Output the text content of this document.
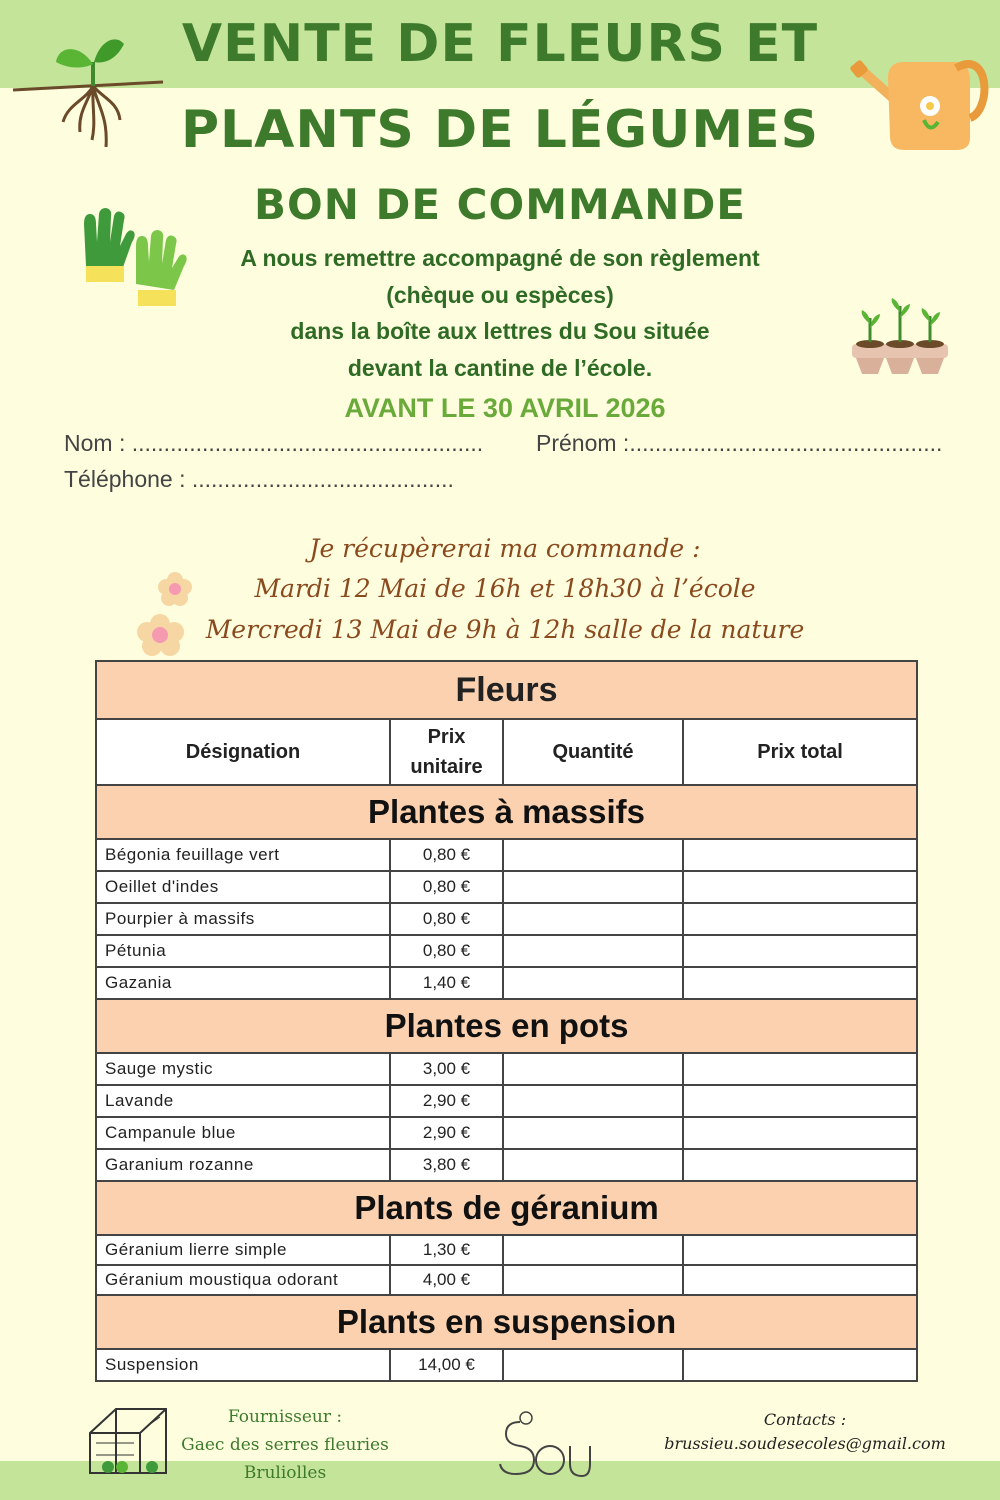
VENTE DE FLEURS ET
PLANTS DE LÉGUMES
BON DE COMMANDE

A nous remettre accompagné de son règlement

(chèque ou espèces)

dans la boîte aux lettres du Sou située

devant la cantine de l’école.

AVANT LE 30 AVRIL 2026

Nom : ....................................................... Prénom :.................................................
Téléphone : .........................................

Je récupèrerai ma commande :

Mardi 12 Mai de 16h et 18h30 à l’école

Mercredi 13 Mai de 9h à 12h salle de la nature

Fleurs			
Désignation	Prix unitaire	Quantité	Prix total
Plantes à massifs			
Bégonia feuillage vert	0,80 €		
Oeillet d'indes	0,80 €		
Pourpier à massifs	0,80 €		
Pétunia	0,80 €		
Gazania	1,40 €		
Plantes en pots			
Sauge mystic	3,00 €		
Lavande	2,90 €		
Campanule blue	2,90 €		
Garanium rozanne	3,80 €		
Plants de géranium			
Géranium lierre simple	1,30 €		
Géranium moustiqua odorant	4,00 €		
Plants en suspension			
Suspension	14,00 €		
Fournisseur :
Gaec des serres fleuries
Bruliolles
Contacts :
brussieu.soudesecoles@gmail.com
